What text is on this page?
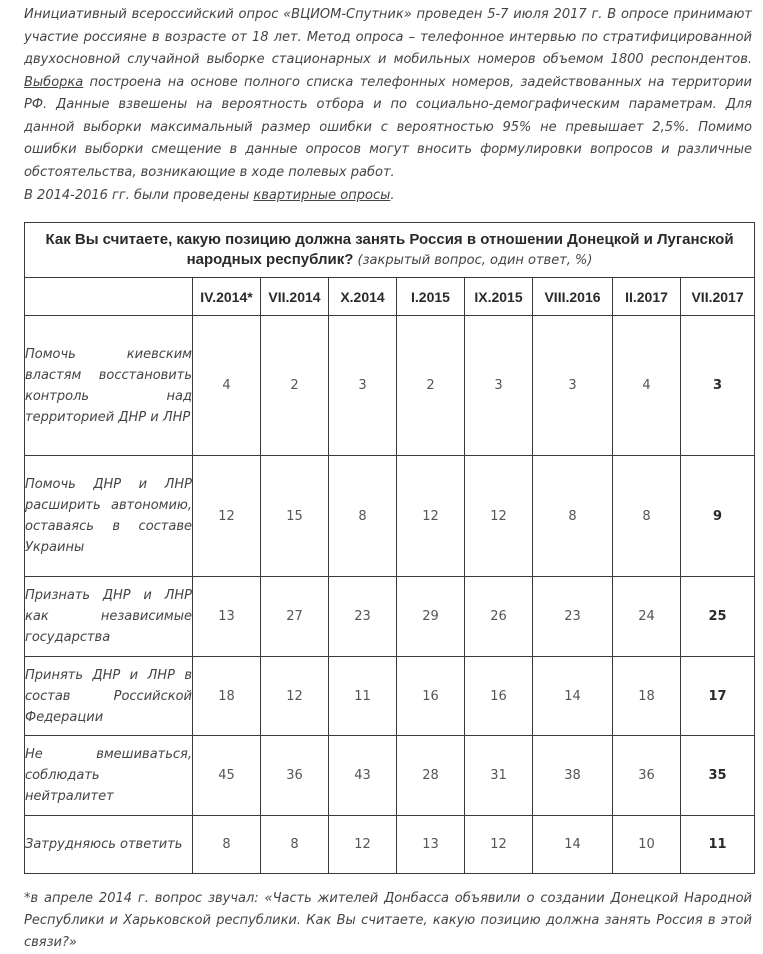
Инициативный всероссийский опрос «ВЦИОМ-Спутник» проведен 5-7 июля 2017 г. В опросе принимают участие россияне в возрасте от 18 лет. Метод опроса – телефонное интервью по стратифицированной двухосновной случайной выборке стационарных и мобильных номеров объемом 1800 респондентов. Выборка построена на основе полного списка телефонных номеров, задействованных на территории РФ. Данные взвешены на вероятность отбора и по социально-демографическим параметрам. Для данной выборки максимальный размер ошибки с вероятностью 95% не превышает 2,5%. Помимо ошибки выборки смещение в данные опросов могут вносить формулировки вопросов и различные обстоятельства, возникающие в ходе полевых работ.

В 2014-2016 гг. были проведены квартирные опросы.

Как Вы считаете, какую позицию должна занять Россия в отношении Донецкой и Луганской народных республик? (закрытый вопрос, один ответ, %)								
	IV.2014*	VII.2014	X.2014	I.2015	IX.2015	VIII.2016	II.2017	VII.2017
Помочь киевским властям восстановить контроль над территорией ДНР и ЛНР	4	2	3	2	3	3	4	3
Помочь ДНР и ЛНР расширить автономию, оставаясь в составе Украины	12	15	8	12	12	8	8	9
Признать ДНР и ЛНР как независимые государства	13	27	23	29	26	23	24	25
Принять ДНР и ЛНР в состав Российской Федерации	18	12	11	16	16	14	18	17
Не вмешиваться, соблюдать нейтралитет	45	36	43	28	31	38	36	35
Затрудняюсь ответить	8	8	12	13	12	14	10	11

*в апреле 2014 г. вопрос звучал: «Часть жителей Донбасса объявили о создании Донецкой Народной Республики и Харьковской республики. Как Вы считаете, какую позицию должна занять Россия в этой связи?»
